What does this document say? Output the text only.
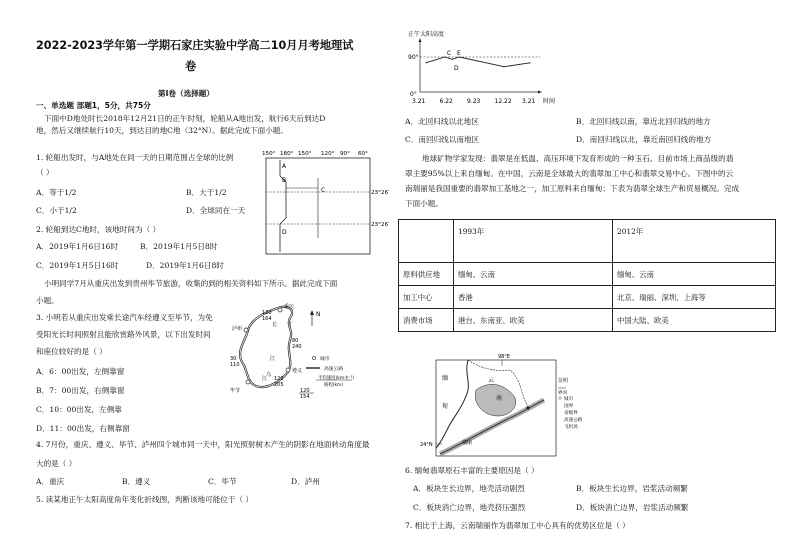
2022-2023学年第一学期石家庄实验中学高二10月月考地理试
卷
第Ⅰ卷（选择题）
一、单选题 部题1，5分，共75分
下面中D地处时长2018年12月21日的正午时刻，轮船从A地出发，航行6天后到达D
地，然后又继续航行10天，到达目的地C地（32°N）。据此完成下面小题。
1. 轮船出发时，与A地处在同一天的日期范围占全球的比例
（ ）
A．等于1/2	B．大于1/2
C．小于1/2	D．全球同在一天
2. 轮船到达C地时，该地时间为（ ）
A．2019年1月6日16时	B．2019年1月5日8时
C．2019年1月5日16时	D．2019年1月6日8时
小明同学7月从重庆出发到贵州毕节旅游，收集的到的相关资料如下所示。据此完成下面
小题。
3. 小明若从重庆出发乘长途汽车经遵义至毕节，为免
受阳光长时间照射且能欣赏路外风景，以下出发时间
和座位较好的是（ ）
A．6：00出发，左侧靠窗
B．7：00出发，右侧靠窗
C．10：00出发，左侧靠
D．11：00出发，右侧靠窗
4. 7月份，重庆、遵义、毕节、泸州四个城市同一天中，阳光照射树木产生的阴影在地面转动角度最
大的是（ ）
A．重庆	B．遵义	C．毕节	D．泸州
5. 读某地正午太阳高度角年变化折线图，判断该地可能位于（ ）
150° 180° 150° 120° 90° 60°
A
B
C
D
23°26′
23°26′
重庆
泸州
遵义
毕节
120
164
80
240
30
110
120
205
120
154
长
江
乌
江
丁
N
城市
高速公路
平均速度(km·h⁻¹)
路程(km)
正午太阳高度
90°
0°
3.21 6.22 9.23 12.22 3.21 时间
C E
D
A．北回归线以北地区	B．北回归线以南，靠近北回归线的地方
C．南回归线以南地区	D．南回归线以北，靠近南回归线的地方
地球矿物学家发现：翡翠是在低温、高压环境下发育形成的一种玉石。目前市场上商品级的翡
翠主要95%以上来自缅甸。在中国，云南是全球最大的翡翠加工中心和翡翠交易中心。下图中的云
南瑞丽是我国重要的翡翠加工基地之一，加工原料来自缅甸；下表为翡翠全球生产和贸易概况。完成
下面小题。
	1993年	2012年
原料供应地	缅甸、云南	缅甸、云南
加工中心	香港	北京、瑞丽、深圳、上海等
消费市场	港台、东南亚、欧美	中国大陆、欧美
98°E
24°N
缅
甸
云
南
瑞丽
昆明
界河
城市
国界
省级界
高速公路
飞机场
6. 缅甸翡翠原石丰富的主要原因是（ ）
A．板块生长边界，地壳活动剧烈	B．板块生长边界，岩浆活动频繁
C．板块消亡边界，地壳挤压强烈	D．板块消亡边界，岩浆活动频繁
7. 相比于上海，云南瑞丽作为翡翠加工中心具有的优势区位是（ ）
